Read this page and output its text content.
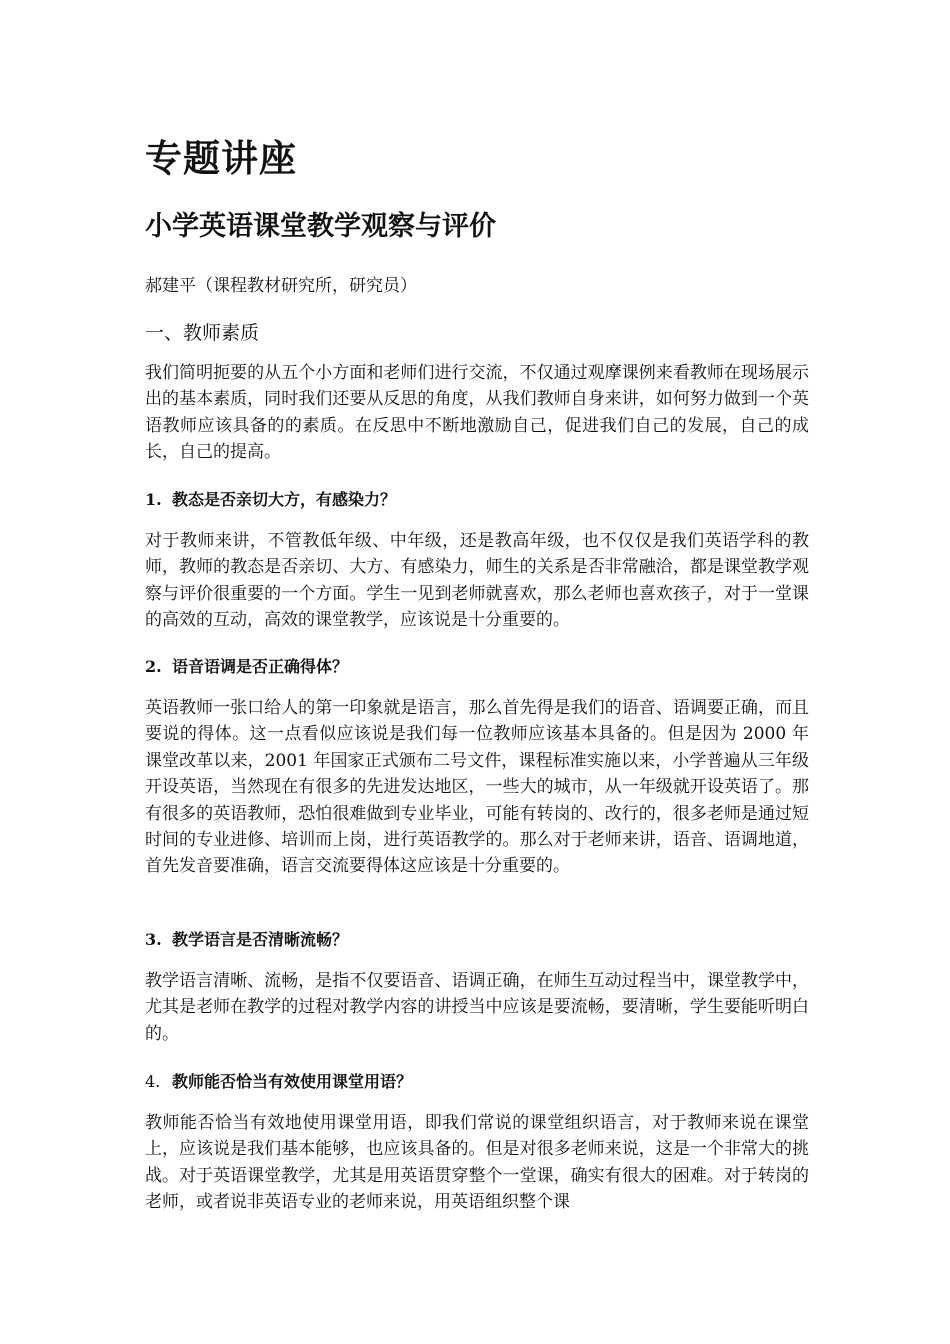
专题讲座
小学英语课堂教学观察与评价
郝建平（课程教材研究所，研究员）
一、教师素质
我们简明扼要的从五个小方面和老师们进行交流，不仅通过观摩课例来看教师在现场展示出的基本素质，同时我们还要从反思的角度，从我们教师自身来讲，如何努力做到一个英语教师应该具备的的素质。在反思中不断地激励自己，促进我们自己的发展，自己的成长，自己的提高。
1. 教态是否亲切大方，有感染力？
对于教师来讲，不管教低年级、中年级，还是教高年级，也不仅仅是我们英语学科的教师，教师的教态是否亲切、大方、有感染力，师生的关系是否非常融洽，都是课堂教学观察与评价很重要的一个方面。学生一见到老师就喜欢，那么老师也喜欢孩子，对于一堂课的高效的互动，高效的课堂教学，应该说是十分重要的。
2. 语音语调是否正确得体？
英语教师一张口给人的第一印象就是语言，那么首先得是我们的语音、语调要正确，而且要说的得体。这一点看似应该说是我们每一位教师应该基本具备的。但是因为 2000 年课堂改革以来，2001 年国家正式颁布二号文件，课程标准实施以来，小学普遍从三年级开设英语，当然现在有很多的先进发达地区，一些大的城市，从一年级就开设英语了。那有很多的英语教师，恐怕很难做到专业毕业，可能有转岗的、改行的，很多老师是通过短时间的专业进修、培训而上岗，进行英语教学的。那么对于老师来讲，语音、语调地道，首先发音要准确，语言交流要得体这应该是十分重要的。
3. 教学语言是否清晰流畅？
教学语言清晰、流畅，是指不仅要语音、语调正确，在师生互动过程当中，课堂教学中，尤其是老师在教学的过程对教学内容的讲授当中应该是要流畅，要清晰，学生要能听明白的。
4. 教师能否恰当有效使用课堂用语？
教师能否恰当有效地使用课堂用语，即我们常说的课堂组织语言，对于教师来说在课堂上，应该说是我们基本能够，也应该具备的。但是对很多老师来说，这是一个非常大的挑战。对于英语课堂教学，尤其是用英语贯穿整个一堂课，确实有很大的困难。对于转岗的老师，或者说非英语专业的老师来说，用英语组织整个课
